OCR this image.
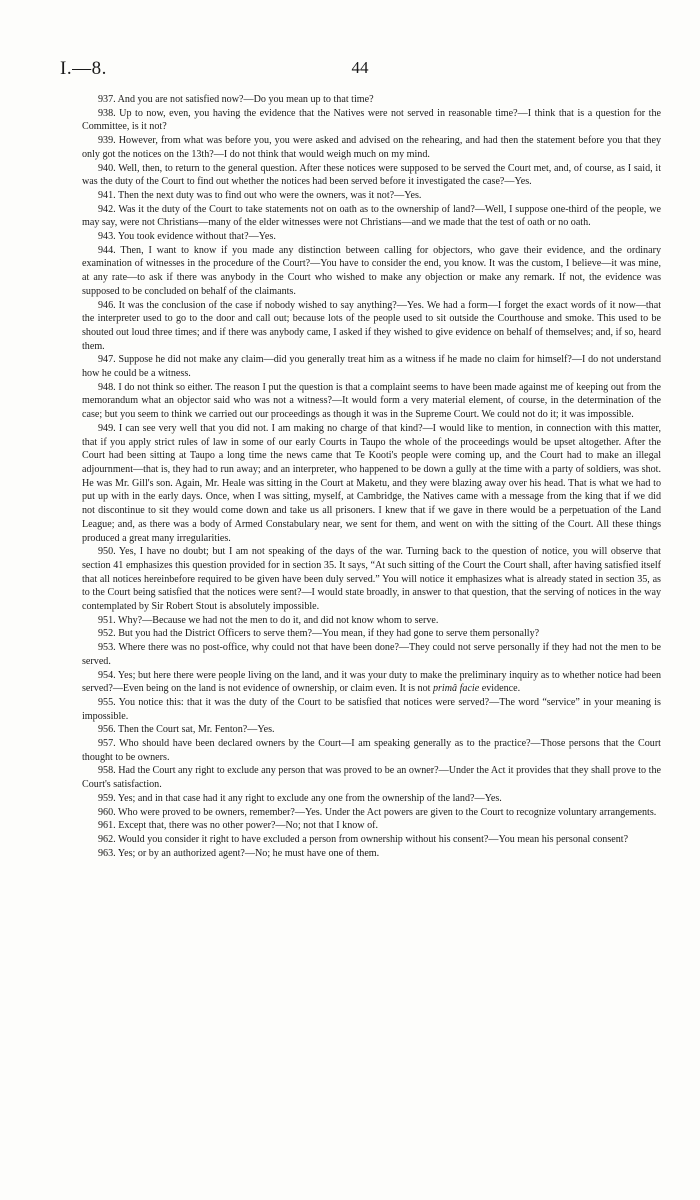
I.—8.	44

937. And you are not satisfied now?—Do you mean up to that time?

938. Up to now, even, you having the evidence that the Natives were not served in reasonable time?—I think that is a question for the Committee, is it not?

939. However, from what was before you, you were asked and advised on the rehearing, and had then the statement before you that they only got the notices on the 13th?—I do not think that would weigh much on my mind.

940. Well, then, to return to the general question. After these notices were supposed to be served the Court met, and, of course, as I said, it was the duty of the Court to find out whether the notices had been served before it investigated the case?—Yes.

941. Then the next duty was to find out who were the owners, was it not?—Yes.

942. Was it the duty of the Court to take statements not on oath as to the ownership of land?—Well, I suppose one-third of the people, we may say, were not Christians—many of the elder witnesses were not Christians—and we made that the test of oath or no oath.

943. You took evidence without that?—Yes.

944. Then, I want to know if you made any distinction between calling for objectors, who gave their evidence, and the ordinary examination of witnesses in the procedure of the Court?—You have to consider the end, you know. It was the custom, I believe—it was mine, at any rate—to ask if there was anybody in the Court who wished to make any objection or make any remark. If not, the evidence was supposed to be concluded on behalf of the claimants.

946. It was the conclusion of the case if nobody wished to say anything?—Yes. We had a form—I forget the exact words of it now—that the interpreter used to go to the door and call out; because lots of the people used to sit outside the Courthouse and smoke. This used to be shouted out loud three times; and if there was anybody came, I asked if they wished to give evidence on behalf of themselves; and, if so, heard them.

947. Suppose he did not make any claim—did you generally treat him as a witness if he made no claim for himself?—I do not understand how he could be a witness.

948. I do not think so either. The reason I put the question is that a complaint seems to have been made against me of keeping out from the memorandum what an objector said who was not a witness?—It would form a very material element, of course, in the determination of the case; but you seem to think we carried out our proceedings as though it was in the Supreme Court. We could not do it; it was impossible.

949. I can see very well that you did not. I am making no charge of that kind?—I would like to mention, in connection with this matter, that if you apply strict rules of law in some of our early Courts in Taupo the whole of the proceedings would be upset altogether. After the Court had been sitting at Taupo a long time the news came that Te Kooti's people were coming up, and the Court had to make an illegal adjournment—that is, they had to run away; and an interpreter, who happened to be down a gully at the time with a party of soldiers, was shot. He was Mr. Gill's son. Again, Mr. Heale was sitting in the Court at Maketu, and they were blazing away over his head. That is what we had to put up with in the early days. Once, when I was sitting, myself, at Cambridge, the Natives came with a message from the king that if we did not discontinue to sit they would come down and take us all prisoners. I knew that if we gave in there would be a perpetuation of the Land League; and, as there was a body of Armed Constabulary near, we sent for them, and went on with the sitting of the Court. All these things produced a great many irregularities.

950. Yes, I have no doubt; but I am not speaking of the days of the war. Turning back to the question of notice, you will observe that section 41 emphasizes this question provided for in section 35. It says, “At such sitting of the Court the Court shall, after having satisfied itself that all notices hereinbefore required to be given have been duly served.” You will notice it emphasizes what is already stated in section 35, as to the Court being satisfied that the notices were sent?—I would state broadly, in answer to that question, that the serving of notices in the way contemplated by Sir Robert Stout is absolutely impossible.

951. Why?—Because we had not the men to do it, and did not know whom to serve.

952. But you had the District Officers to serve them?—You mean, if they had gone to serve them personally?

953. Where there was no post-office, why could not that have been done?—They could not serve personally if they had not the men to be served.

954. Yes; but here there were people living on the land, and it was your duty to make the preliminary inquiry as to whether notice had been served?—Even being on the land is not evidence of ownership, or claim even. It is not primâ facie evidence.

955. You notice this: that it was the duty of the Court to be satisfied that notices were served?—The word “service” in your meaning is impossible.

956. Then the Court sat, Mr. Fenton?—Yes.

957. Who should have been declared owners by the Court—I am speaking generally as to the practice?—Those persons that the Court thought to be owners.

958. Had the Court any right to exclude any person that was proved to be an owner?—Under the Act it provides that they shall prove to the Court's satisfaction.

959. Yes; and in that case had it any right to exclude any one from the ownership of the land?—Yes.

960. Who were proved to be owners, remember?—Yes. Under the Act powers are given to the Court to recognize voluntary arrangements.

961. Except that, there was no other power?—No; not that I know of.

962. Would you consider it right to have excluded a person from ownership without his consent?—You mean his personal consent?

963. Yes; or by an authorized agent?—No; he must have one of them.
